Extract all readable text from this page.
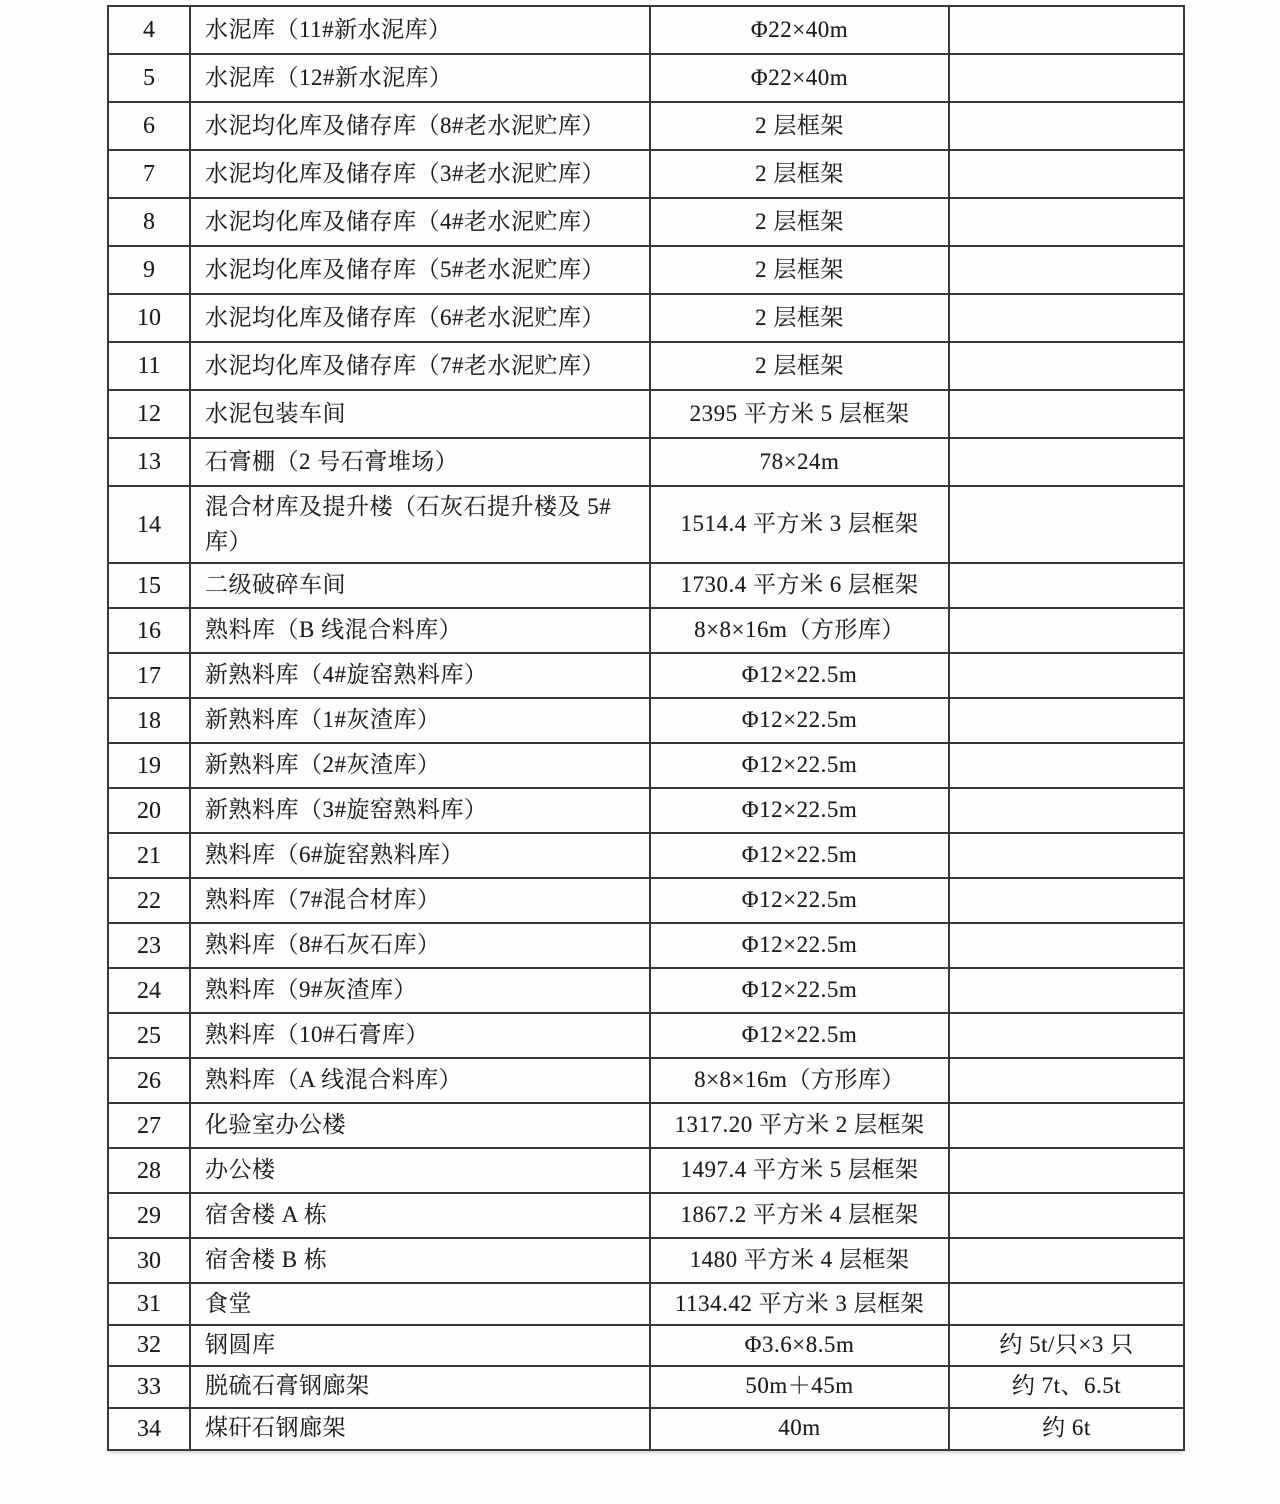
4	水泥库（11#新水泥库）	Φ22×40m	
5	水泥库（12#新水泥库）	Φ22×40m	
6	水泥均化库及储存库（8#老水泥贮库）	2 层框架	
7	水泥均化库及储存库（3#老水泥贮库）	2 层框架	
8	水泥均化库及储存库（4#老水泥贮库）	2 层框架	
9	水泥均化库及储存库（5#老水泥贮库）	2 层框架	
10	水泥均化库及储存库（6#老水泥贮库）	2 层框架	
11	水泥均化库及储存库（7#老水泥贮库）	2 层框架	
12	水泥包装车间	2395 平方米 5 层框架	
13	石膏棚（2 号石膏堆场）	78×24m	
14	混合材库及提升楼（石灰石提升楼及 5#库）	1514.4 平方米 3 层框架	
15	二级破碎车间	1730.4 平方米 6 层框架	
16	熟料库（B 线混合料库）	8×8×16m（方形库）	
17	新熟料库（4#旋窑熟料库）	Φ12×22.5m	
18	新熟料库（1#灰渣库）	Φ12×22.5m	
19	新熟料库（2#灰渣库）	Φ12×22.5m	
20	新熟料库（3#旋窑熟料库）	Φ12×22.5m	
21	熟料库（6#旋窑熟料库）	Φ12×22.5m	
22	熟料库（7#混合材库）	Φ12×22.5m	
23	熟料库（8#石灰石库）	Φ12×22.5m	
24	熟料库（9#灰渣库）	Φ12×22.5m	
25	熟料库（10#石膏库）	Φ12×22.5m	
26	熟料库（A 线混合料库）	8×8×16m（方形库）	
27	化验室办公楼	1317.20 平方米 2 层框架	
28	办公楼	1497.4 平方米 5 层框架	
29	宿舍楼 A 栋	1867.2 平方米 4 层框架	
30	宿舍楼 B 栋	1480 平方米 4 层框架	
31	食堂	1134.42 平方米 3 层框架	
32	钢圆库	Φ3.6×8.5m	约 5t/只×3 只
33	脱硫石膏钢廊架	50m＋45m	约 7t、6.5t
34	煤矸石钢廊架	40m	约 6t
